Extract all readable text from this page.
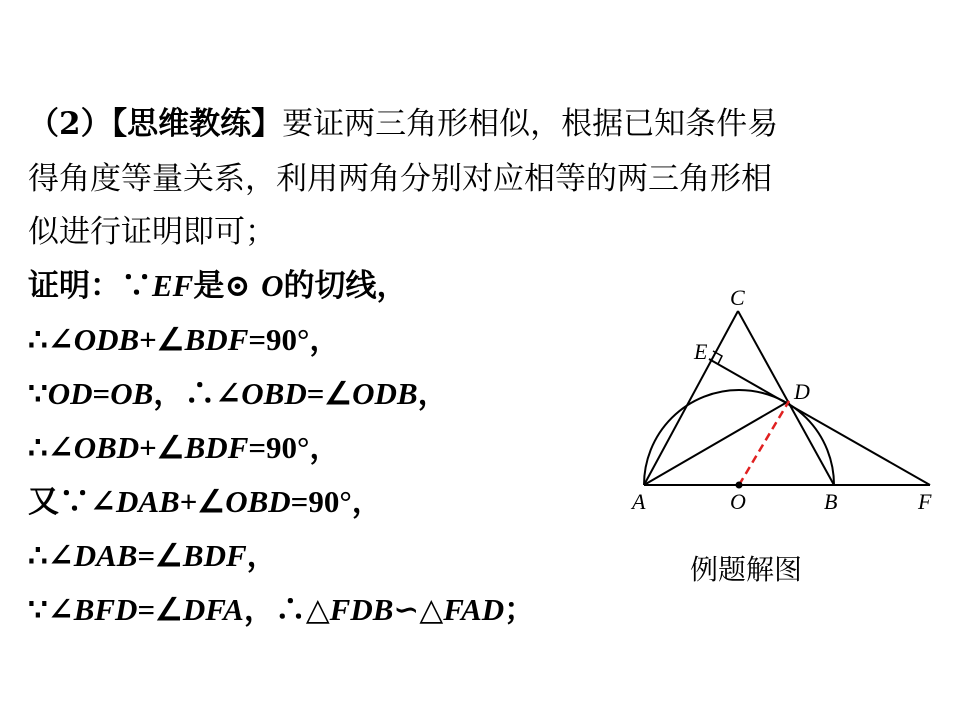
（2）【思维教练】要证两三角形相似，根据已知条件易

得角度等量关系，利用两角分别对应相等的两三角形相

似进行证明即可；

证明：∵EF是⊙ O的切线，

∴∠ODB+∠BDF=90°，

∵OD=OB，∴∠OBD=∠ODB，

∴∠OBD+∠BDF=90°，

又∵∠DAB+∠OBD=90°，

∴∠DAB=∠BDF，

∵∠BFD=∠DFA，∴△FDB∽△FAD；

C
E
D
A	O	B	F
例题解图
